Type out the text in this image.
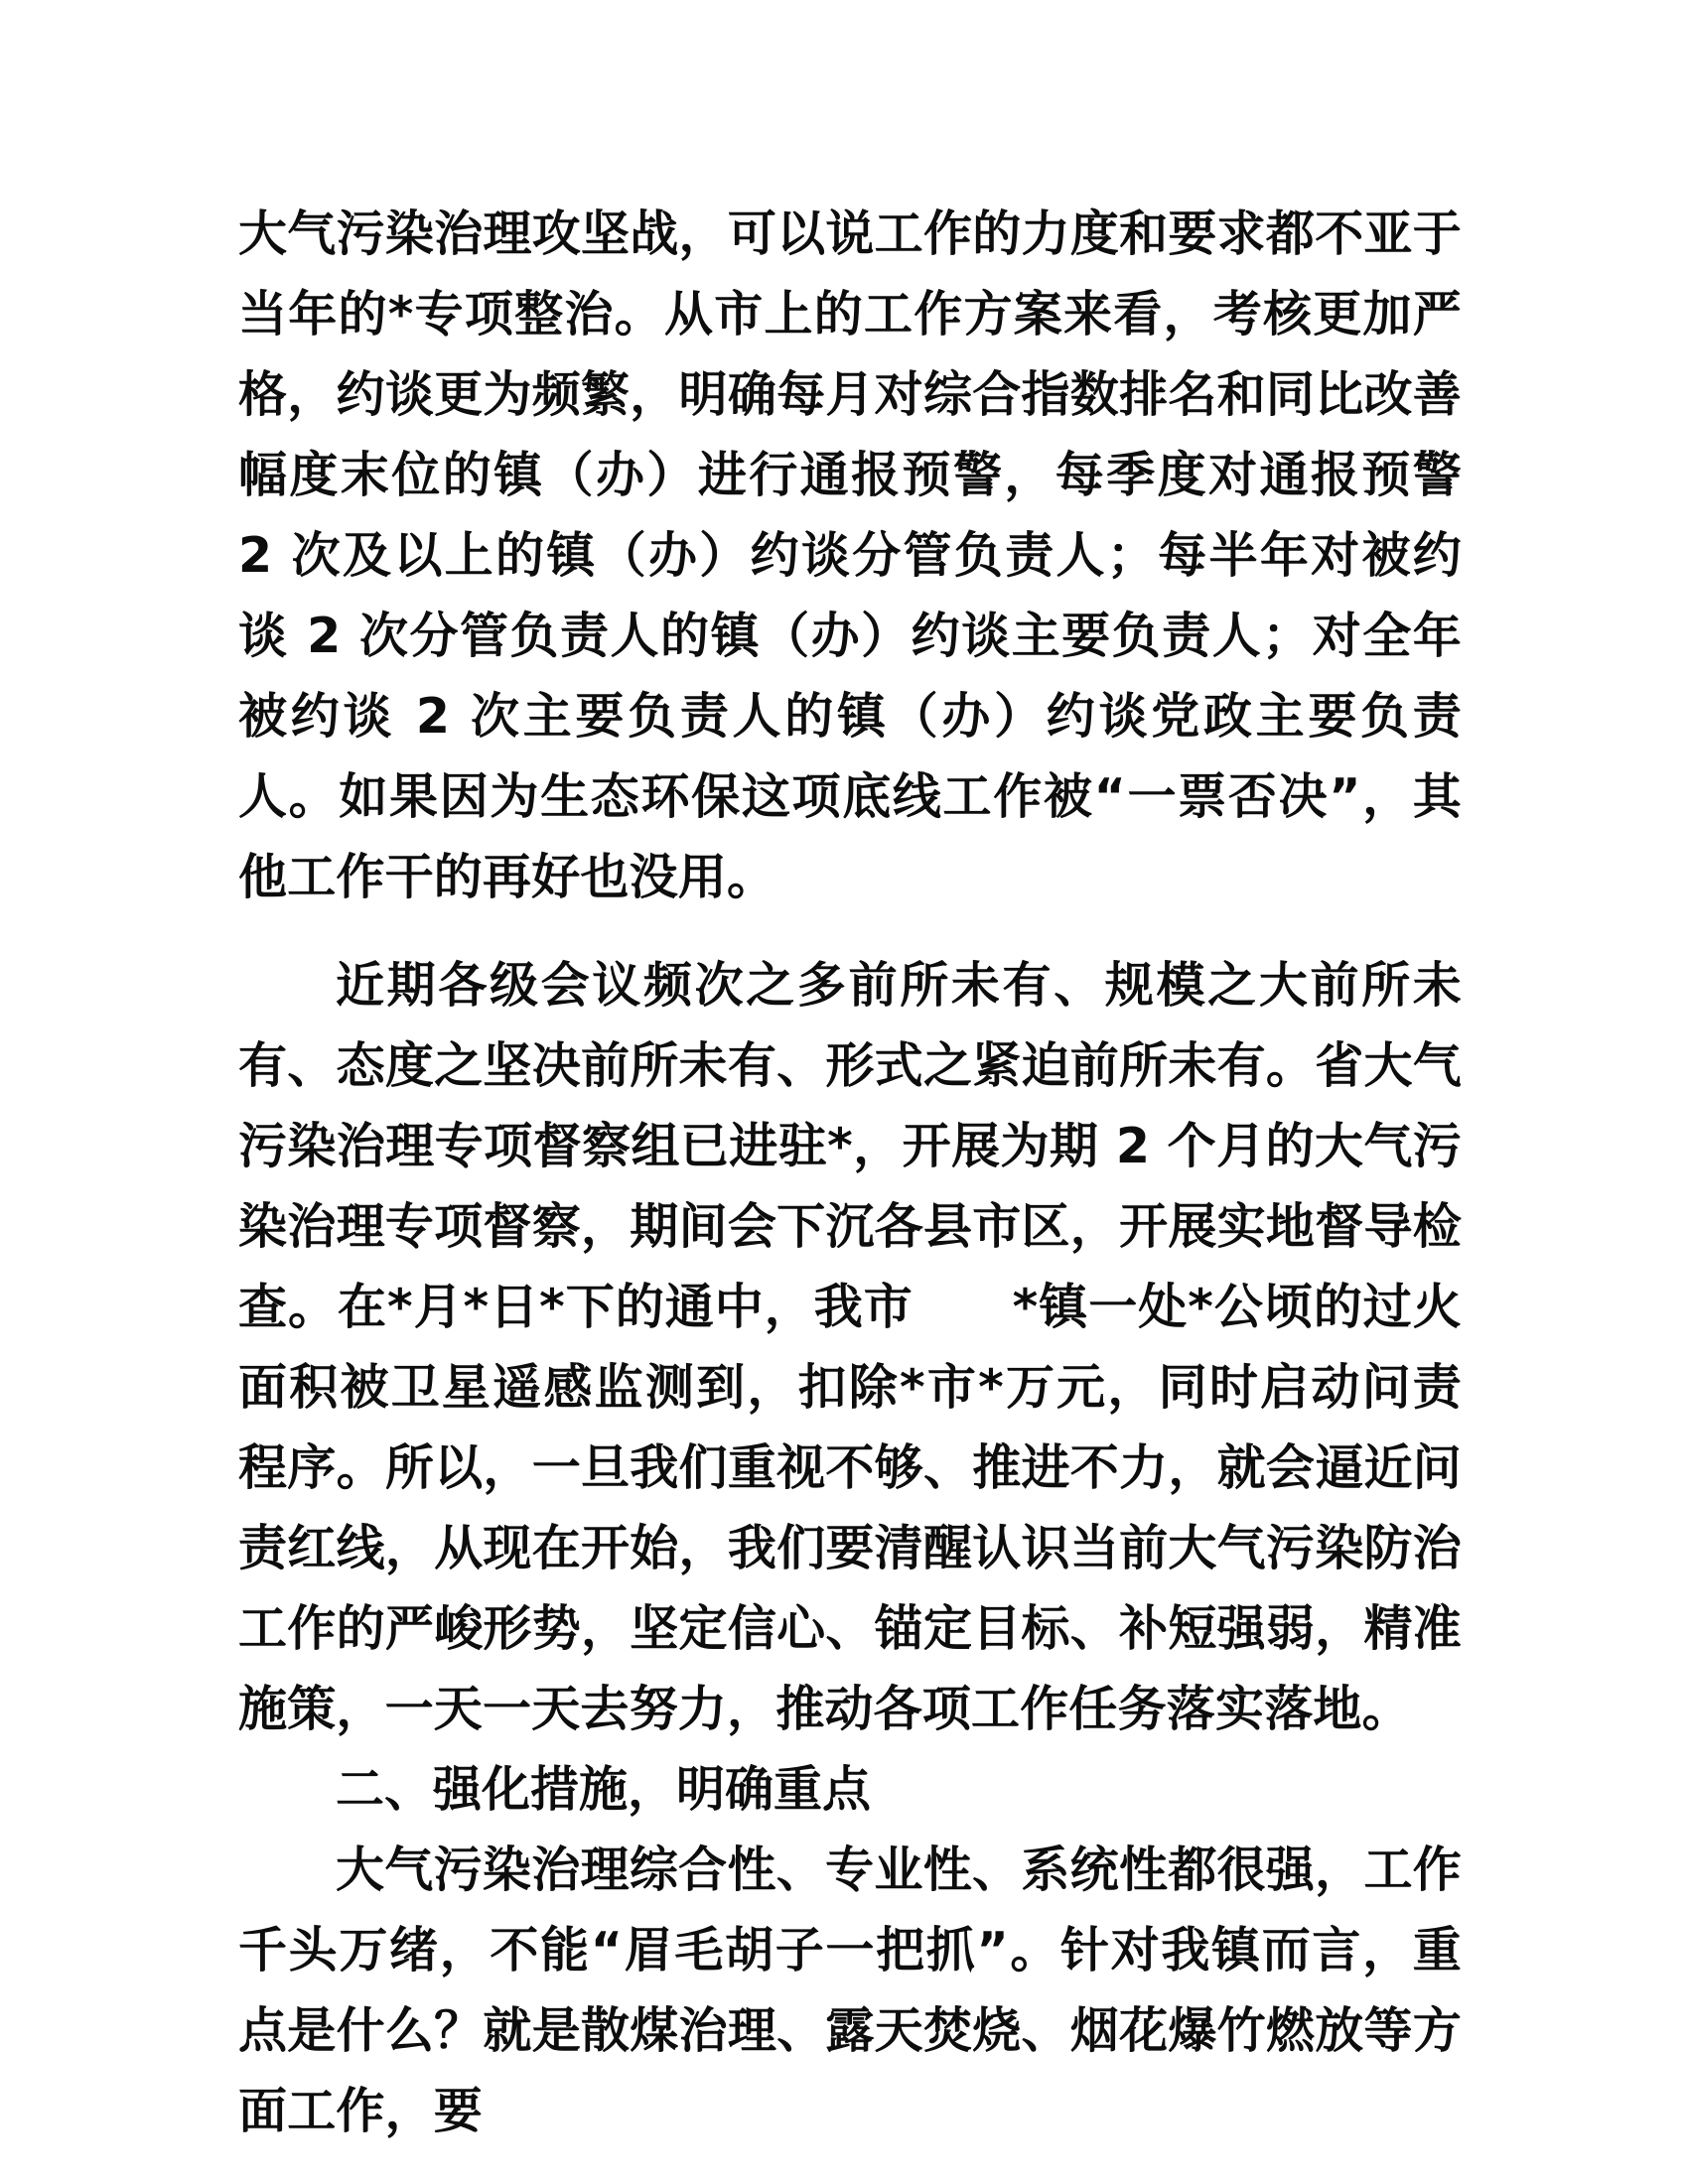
大气污染治理攻坚战，可以说工作的力度和要求都不亚于当年的*专项整治。从市上的工作方案来看，考核更加严格，约谈更为频繁，明确每月对综合指数排名和同比改善幅度末位的镇（办）进行通报预警，每季度对通报预警 2 次及以上的镇（办）约谈分管负责人；每半年对被约谈 2 次分管负责人的镇（办）约谈主要负责人；对全年被约谈 2 次主要负责人的镇（办）约谈党政主要负责人。如果因为生态环保这项底线工作被“一票否决”，其他工作干的再好也没用。

近期各级会议频次之多前所未有、规模之大前所未有、态度之坚决前所未有、形式之紧迫前所未有。省大气污染治理专项督察组已进驻*，开展为期 2 个月的大气污染治理专项督察，期间会下沉各县市区，开展实地督导检查。在*月*日*下的通中，我市　　*镇一处*公顷的过火面积被卫星遥感监测到，扣除*市*万元，同时启动问责程序。所以，一旦我们重视不够、推进不力，就会逼近问责红线，从现在开始，我们要清醒认识当前大气污染防治工作的严峻形势，坚定信心、锚定目标、补短强弱，精准施策，一天一天去努力，推动各项工作任务落实落地。

二、强化措施，明确重点

大气污染治理综合性、专业性、系统性都很强，工作千头万绪，不能“眉毛胡子一把抓”。针对我镇而言，重点是什么？就是散煤治理、露天焚烧、烟花爆竹燃放等方面工作，要
